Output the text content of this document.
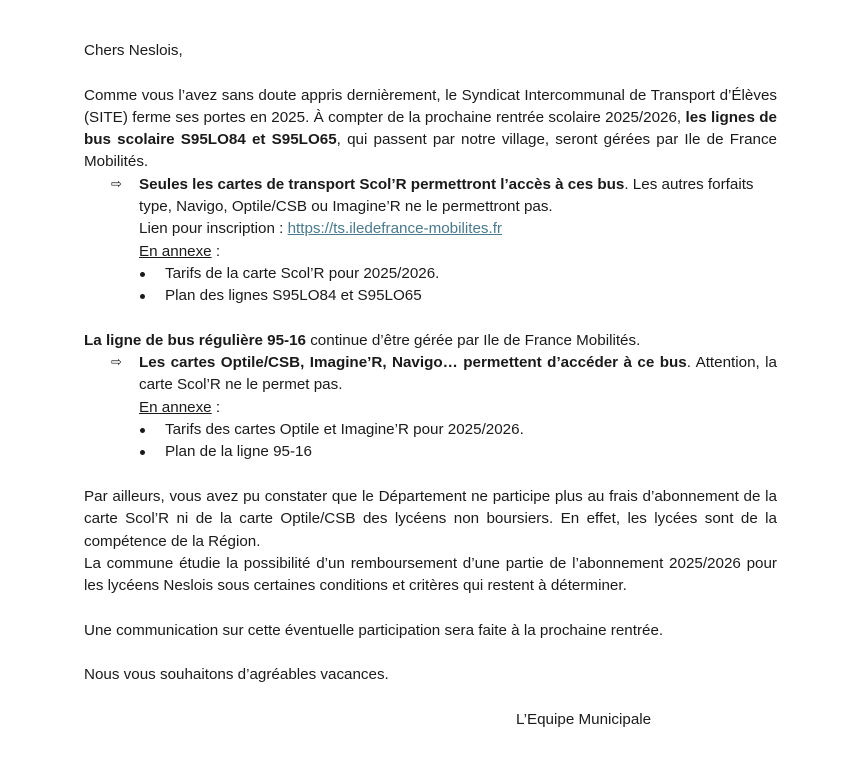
Chers Neslois,

Comme vous l’avez sans doute appris dernièrement, le Syndicat Intercommunal de Transport d’Élèves (SITE) ferme ses portes en 2025. À compter de la prochaine rentrée scolaire 2025/2026, les lignes de bus scolaire S95LO84 et S95LO65, qui passent par notre village, seront gérées par Ile de France Mobilités.

⇨ Seules les cartes de transport Scol’R permettront l’accès à ces bus. Les autres forfaits type, Navigo, Optile/CSB ou Imagine’R ne le permettront pas.

Lien pour inscription : https://ts.iledefrance-mobilites.fr

En annexe :

Tarifs de la carte Scol’R pour 2025/2026.
Plan des lignes S95LO84 et S95LO65

La ligne de bus régulière 95-16 continue d’être gérée par Ile de France Mobilités.

⇨ Les cartes Optile/CSB, Imagine’R, Navigo… permettent d’accéder à ce bus. Attention, la carte Scol’R ne le permet pas.

En annexe :

Tarifs des cartes Optile et Imagine’R pour 2025/2026.
Plan de la ligne 95-16

Par ailleurs, vous avez pu constater que le Département ne participe plus au frais d’abonnement de la carte Scol’R ni de la carte Optile/CSB des lycéens non boursiers. En effet, les lycées sont de la compétence de la Région.

La commune étudie la possibilité d’un remboursement d’une partie de l’abonnement 2025/2026 pour les lycéens Neslois sous certaines conditions et critères qui restent à déterminer.

Une communication sur cette éventuelle participation sera faite à la prochaine rentrée.

Nous vous souhaitons d’agréables vacances.

L’Equipe Municipale
